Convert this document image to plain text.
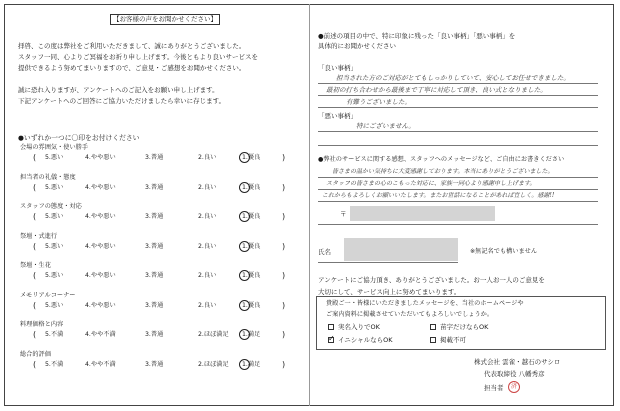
【お客様の声をお聞かせください】
拝啓、この度は弊社をご利用いただきまして、誠にありがとうございました。
スタッフ一同、心よりご冥福をお祈り申し上げます。今後ともより良いサービスを
提供できるよう努めてまいりますので、ご意見・ご感想をお聞かせください。
誠に恐れ入りますが、アンケートへのご記入をお願い申し上げます。
下記アンケートへのご回答にご協力いただけましたら幸いに存じます。
●いずれか一つに〇印をお付けください
会場の雰囲気・使い勝手
(	)
5.悪い	4.やや悪い	3.普通	2.良い	1.優良
担当者の礼儀・態度
(	)
5.悪い	4.やや悪い	3.普通	2.良い	1.優良
スタッフの態度・対応
(	)
5.悪い	4.やや悪い	3.普通	2.良い	1.優良
祭壇・式進行
(	)
5.悪い	4.やや悪い	3.普通	2.良い	1.優良
祭壇・生花
(	)
5.悪い	4.やや悪い	3.普通	2.良い	1.優良
メモリアルコーナー
(	)
5.悪い	4.やや悪い	3.普通	2.良い	1.優良
料理価格と内容
(	)
5.不満	4.やや不満	3.普通	2.ほぼ満足 1.満足
総合的評価
(	)
5.不満	4.やや不満	3.普通	2.ほぼ満足 1.満足
●前述の項目の中で、特に印象に残った「良い事柄」「悪い事柄」を
具体的にお聞かせください
「良い事柄」
担当された方のご対応がとてもしっかりしていて、安心してお任せできました。
最初の打ち合わせから最後まで丁寧に対応して頂き、良い式となりました。
有難うございました。
「悪い事柄」
特にございません。
●弊社のサービスに関する感想、スタッフへのメッセージなど、ご自由にお書きください
皆さまの温かい気持ちに大変感謝しております。本当にありがとうございました。
スタッフの皆さまの心のこもった対応に、家族一同心より感謝申し上げます。
これからもよろしくお願いいたします。またお世話になることがあれば宜しく。感謝!!
〒
氏名	※無記名でも構いません
アンケートにご協力頂き、ありがとうございました。お一人お一人のご意見を
大切にして、サービス向上に努めてまいります。
貴殿ご一・皆様にいただきましたメッセージを、当社のホームページや
ご案内資料に掲載させていただいてもよろしいでしょうか。
実名入りでOK	苗字だけならOK
✓
イニシャルならOK	掲載不可
株式会社 雲雀・越石のサシロ
代表取締役 八幡秀彦
担当者	済
